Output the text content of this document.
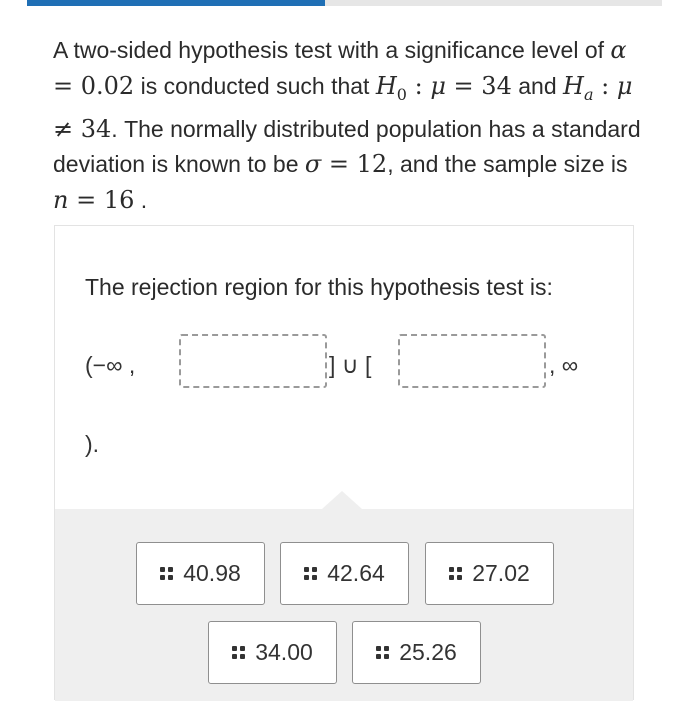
A two-sided hypothesis test with a significance level of α = 0.02 is conducted such that $H_0$ : μ = 34 and $H_a$ : μ ≠ 34. The normally distributed population has a standard deviation is known to be σ = 12, and the sample size is n = 16 .
The rejection region for this hypothesis test is:
(−∞ ,	] ∪ [	, ∞
).
40.98	42.64	27.02
34.00	25.26
